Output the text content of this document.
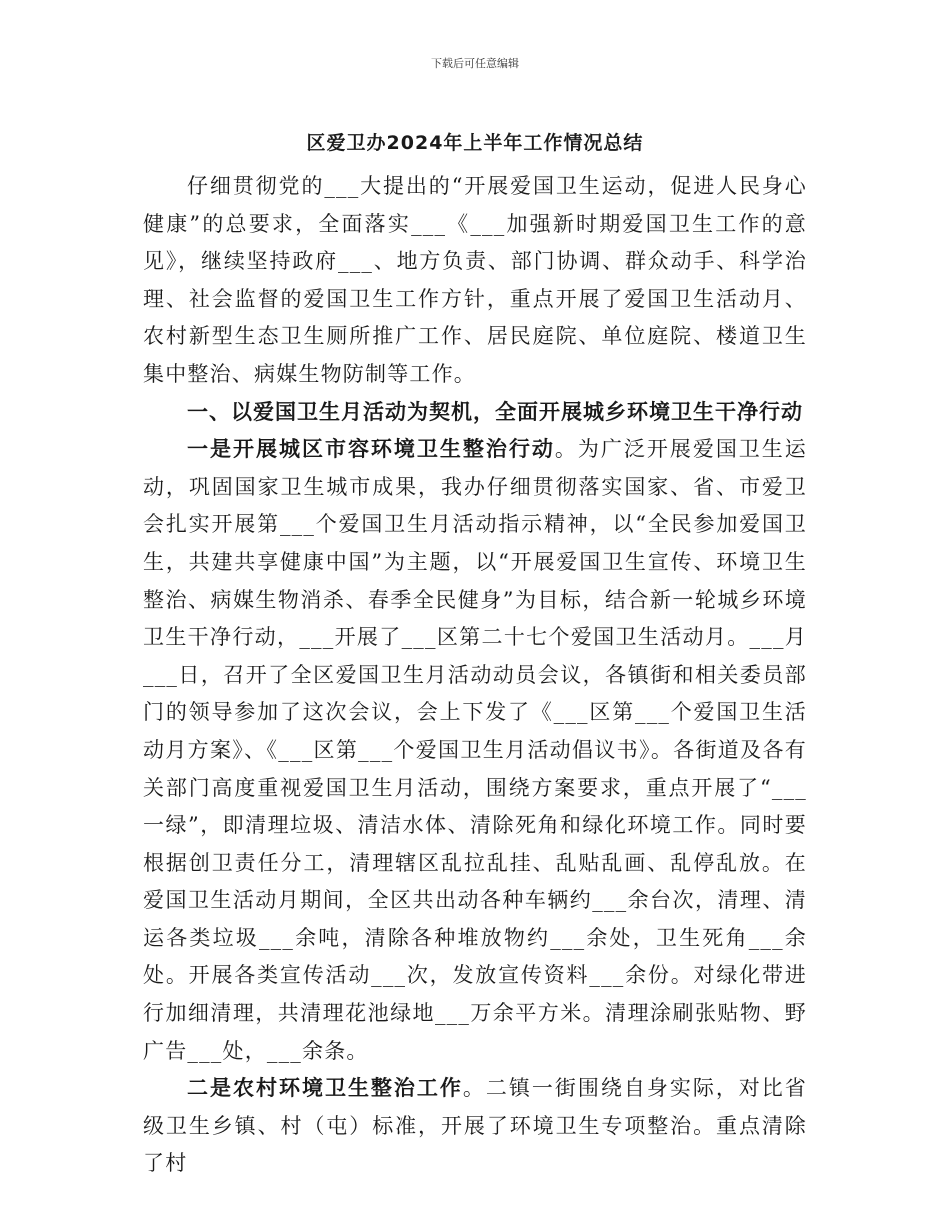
下载后可任意编辑
区爱卫办2024年上半年工作情况总结

仔细贯彻党的___大提出的“开展爱国卫生运动，促进人民身心健康”的总要求，全面落实___《___加强新时期爱国卫生工作的意见》，继续坚持政府___、地方负责、部门协调、群众动手、科学治理、社会监督的爱国卫生工作方针，重点开展了爱国卫生活动月、农村新型生态卫生厕所推广工作、居民庭院、单位庭院、楼道卫生集中整治、病媒生物防制等工作。

一、以爱国卫生月活动为契机，全面开展城乡环境卫生干净行动

一是开展城区市容环境卫生整治行动。为广泛开展爱国卫生运动，巩固国家卫生城市成果，我办仔细贯彻落实国家、省、市爱卫会扎实开展第___个爱国卫生月活动指示精神，以“全民参加爱国卫生，共建共享健康中国”为主题，以“开展爱国卫生宣传、环境卫生整治、病媒生物消杀、春季全民健身”为目标，结合新一轮城乡环境卫生干净行动，___开展了___区第二十七个爱国卫生活动月。___月___日，召开了全区爱国卫生月活动动员会议，各镇街和相关委员部门的领导参加了这次会议，会上下发了《___区第___个爱国卫生活动月方案》、《___区第___个爱国卫生月活动倡议书》。各街道及各有关部门高度重视爱国卫生月活动，围绕方案要求，重点开展了“___一绿”，即清理垃圾、清洁水体、清除死角和绿化环境工作。同时要根据创卫责任分工，清理辖区乱拉乱挂、乱贴乱画、乱停乱放。在爱国卫生活动月期间，全区共出动各种车辆约___余台次，清理、清运各类垃圾___余吨，清除各种堆放物约___余处，卫生死角___余处。开展各类宣传活动___次，发放宣传资料___余份。对绿化带进行加细清理，共清理花池绿地___万余平方米。清理涂刷张贴物、野广告___处，___余条。

二是农村环境卫生整治工作。二镇一街围绕自身实际，对比省级卫生乡镇、村（屯）标准，开展了环境卫生专项整治。重点清除了村
